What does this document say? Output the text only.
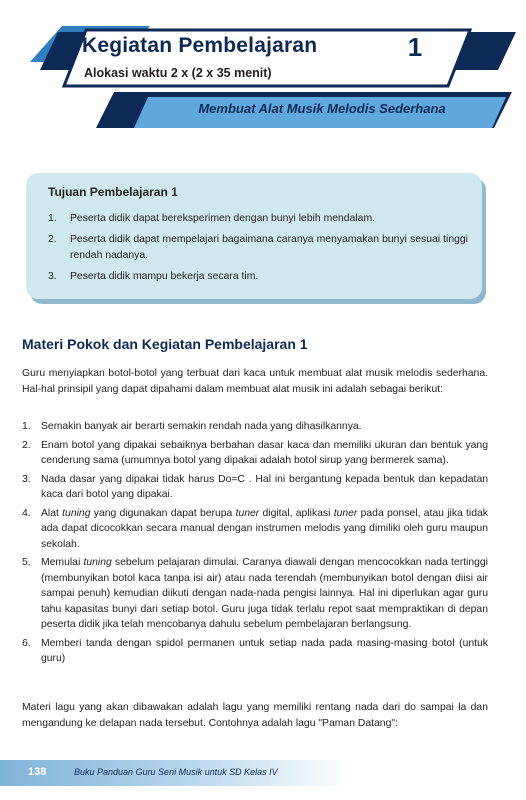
Kegiatan Pembelajaran
Alokasi waktu 2 x (2 x 35 menit)
1
Membuat Alat Musik Melodis Sederhana
Tujuan Pembelajaran 1
1. Peserta didik dapat bereksperimen dengan bunyi lebih mendalam.
2. Peserta didik dapat mempelajari bagaimana caranya menyamakan bunyi sesuai tinggi rendah nadanya.
3. Peserta didik mampu bekerja secara tim.
Materi Pokok dan Kegiatan Pembelajaran 1

Guru menyiapkan botol-botol yang terbuat dari kaca untuk membuat alat musik melodis sederhana. Hal-hal prinsipil yang dapat dipahami dalam membuat alat musik ini adalah sebagai berikut:

1. Semakin banyak air berarti semakin rendah nada yang dihasilkannya.
2. Enam botol yang dipakai sebaiknya berbahan dasar kaca dan memiliki ukuran dan bentuk yang cenderung sama (umumnya botol yang dipakai adalah botol sirup yang bermerek sama).
3. Nada dasar yang dipakai tidak harus Do=C . Hal ini bergantung kepada bentuk dan kepadatan kaca dari botol yang dipakai.
4. Alat tuning yang digunakan dapat berupa tuner digital, aplikasi tuner pada ponsel, atau jika tidak ada dapat dicocokkan secara manual dengan instrumen melodis yang dimiliki oleh guru maupun sekolah.
5. Memulai tuning sebelum pelajaran dimulai. Caranya diawali dengan mencocokkan nada tertinggi (membunyikan botol kaca tanpa isi air) atau nada terendah (membunyikan botol dengan diisi air sampai penuh) kemudian diikuti dengan nada-nada pengisi lainnya. Hal ini diperlukan agar guru tahu kapasitas bunyi dari setiap botol. Guru juga tidak terlalu repot saat mempraktikan di depan peserta didik jika telah mencobanya dahulu sebelum pembelajaran berlangsung.
6. Memberi tanda dengan spidol permanen untuk setiap nada pada masing-masing botol (untuk guru)

Materi lagu yang akan dibawakan adalah lagu yang memiliki rentang nada dari do sampai la dan mengandung ke delapan nada tersebut. Contohnya adalah lagu "Paman Datang":

138	Buku Panduan Guru Seni Musik untuk SD Kelas IV
